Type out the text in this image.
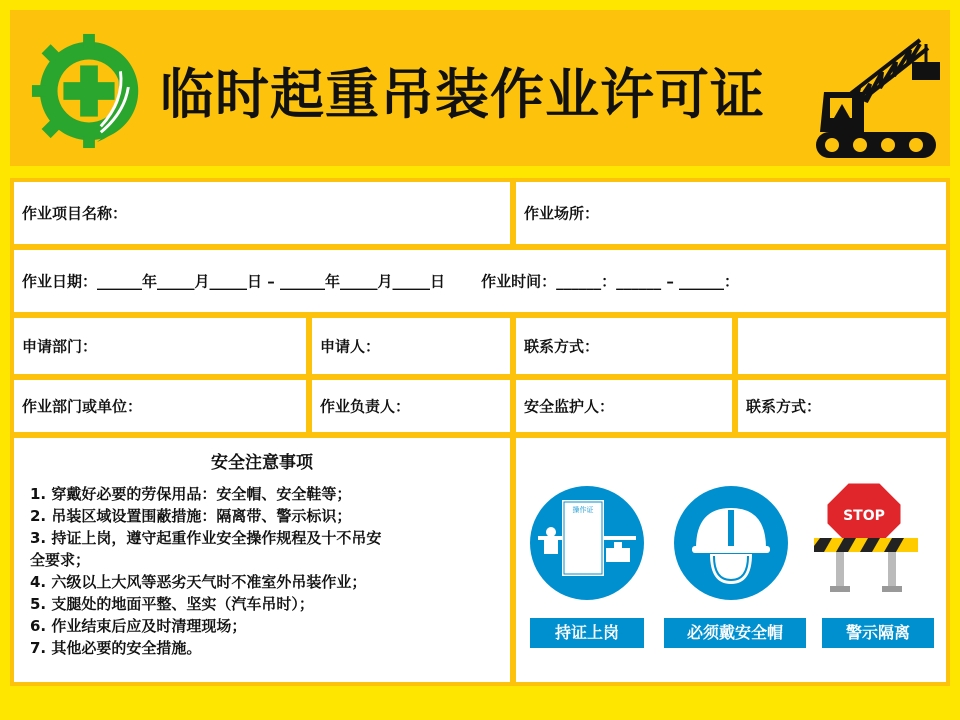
临时起重吊装作业许可证
作业项目名称：	作业场所：
作业日期：______年_____月_____日 – ______年_____月_____日 作业时间：______：______ – ______：
申请部门：	申请人：	联系方式：
作业部门或单位：	作业负责人：	安全监护人：	联系方式：
安全注意事项
1. 穿戴好必要的劳保用品：安全帽、安全鞋等；
2. 吊装区域设置围蔽措施：隔离带、警示标识；
3. 持证上岗，遵守起重作业安全操作规程及十不吊安
全要求；
4. 六级以上大风等恶劣天气时不准室外吊装作业；
5. 支腿处的地面平整、坚实（汽车吊时）；
6. 作业结束后应及时清理现场；
7. 其他必要的安全措施。
操作证	STOP
持证上岗	必须戴安全帽	警示隔离
